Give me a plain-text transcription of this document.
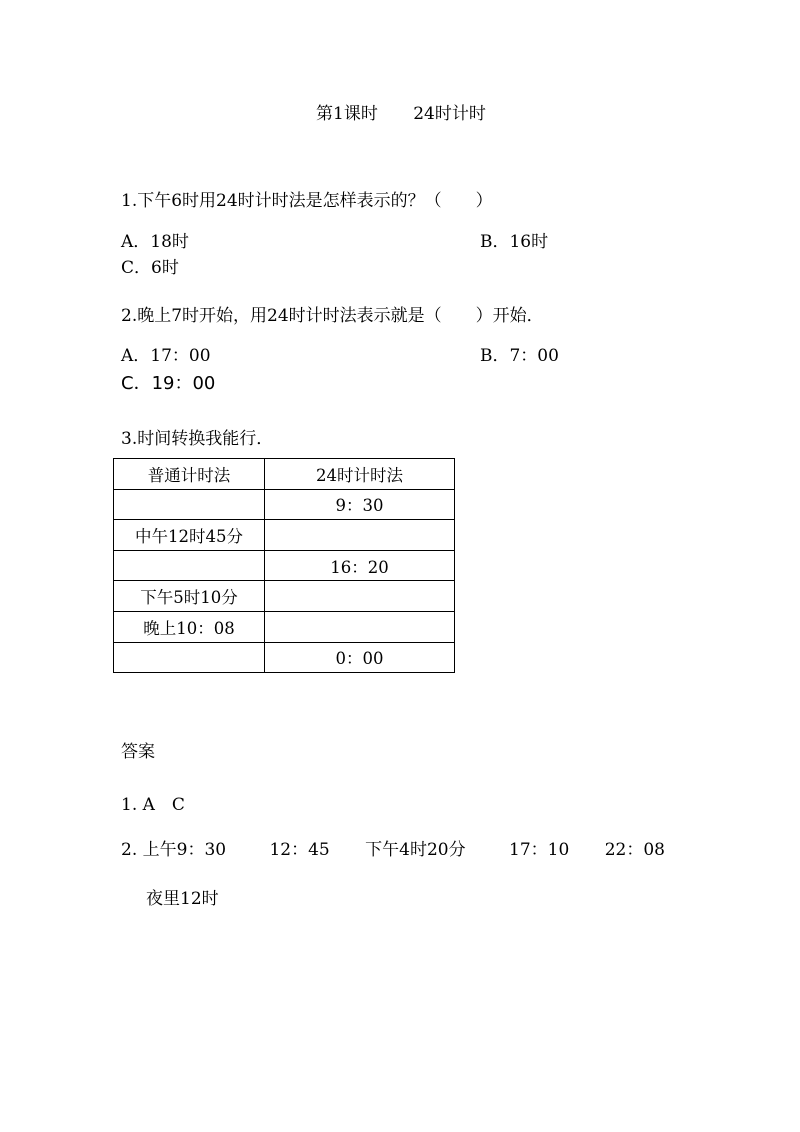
第1课时 24时计时
1.下午6时用24时计时法是怎样表示的？（　　）
A．18时	B．16时
C．6时
2.晚上7时开始，用24时计时法表示就是（　　）开始．
A．17：00	B．7：00
C．19：00
3.时间转换我能行．
普通计时法	24时计时法
	9：30
中午12时45分	
	16：20
下午5时10分	
晚上10：08	
	0：00
答案
1. A　C
2. 上午9：30	12：45 下午4时20分	17：10 22：08
夜里12时
